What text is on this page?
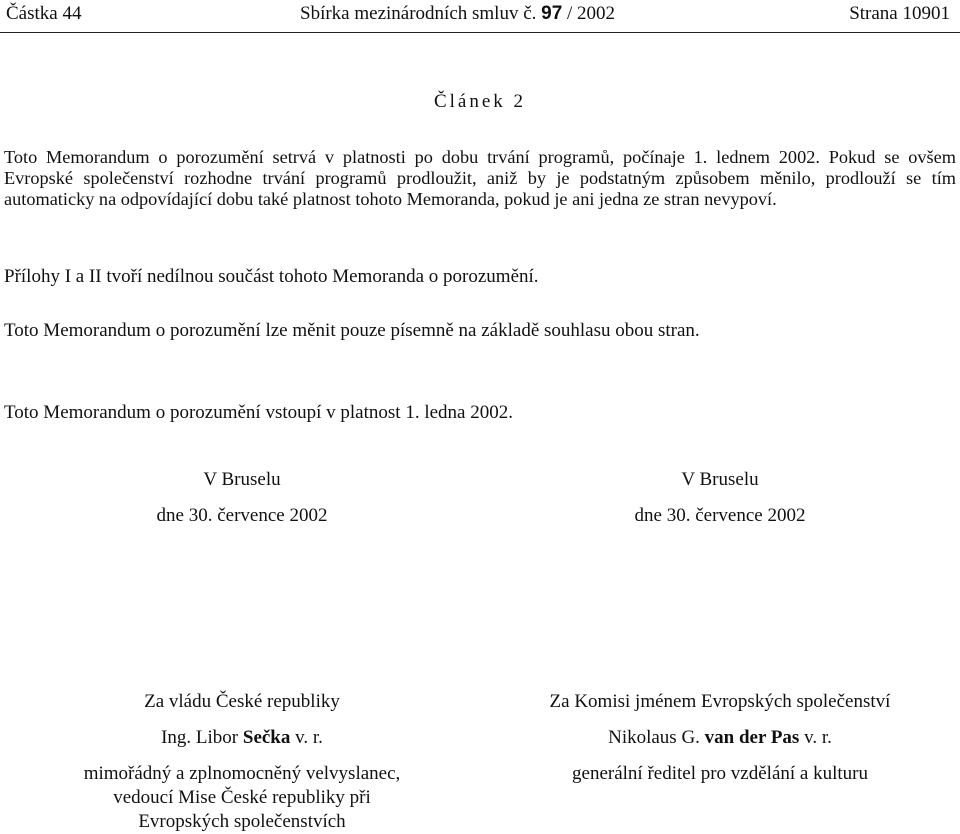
Částka 44	Sbírka mezinárodních smluv č. 97 / 2002	Strana 10901
Článek 2

Toto Memorandum o porozumění setrvá v platnosti po dobu trvání programů, počínaje 1. lednem 2002. Pokud se ovšem Evropské společenství rozhodne trvání programů prodloužit, aniž by je podstatným způsobem měnilo, prodlouží se tím automaticky na odpovídající dobu také platnost tohoto Memoranda, pokud je ani jedna ze stran nevypoví.

Přílohy I a II tvoří nedílnou součást tohoto Memoranda o porozumění.

Toto Memorandum o porozumění lze měnit pouze písemně na základě souhlasu obou stran.

Toto Memorandum o porozumění vstoupí v platnost 1. ledna 2002.

V Bruselu
dne 30. července 2002
V Bruselu
dne 30. července 2002
Za vládu České republiky
Ing. Libor Sečka v. r.
mimořádný a zplnomocněný velvyslanec,
vedoucí Mise České republiky při
Evropských společenstvích
Za Komisi jménem Evropských společenství
Nikolaus G. van der Pas v. r.
generální ředitel pro vzdělání a kulturu
